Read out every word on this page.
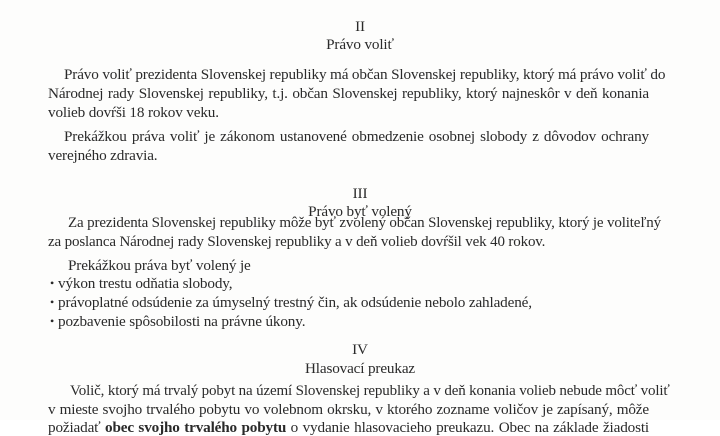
II
Právo voliť
Právo voliť prezidenta Slovenskej republiky má občan Slovenskej republiky, ktorý má právo voliť do
Národnej rady Slovenskej republiky, t.j. občan Slovenskej republiky, ktorý najneskôr v deň konania
volieb dovŕši 18 rokov veku.
Prekážkou práva voliť je zákonom ustanovené obmedzenie osobnej slobody z dôvodov ochrany
verejného zdravia.
III
Právo byť volený
Za prezidenta Slovenskej republiky môže byť zvolený občan Slovenskej republiky, ktorý je voliteľný
za poslanca Národnej rady Slovenskej republiky a v deň volieb dovŕšil vek 40 rokov.
Prekážkou práva byť volený je
• výkon trestu odňatia slobody,
• právoplatné odsúdenie za úmyselný trestný čin, ak odsúdenie nebolo zahladené,
• pozbavenie spôsobilosti na právne úkony.
IV
Hlasovací preukaz
Volič, ktorý má trvalý pobyt na území Slovenskej republiky a v deň konania volieb nebude môcť voliť
v mieste svojho trvalého pobytu vo volebnom okrsku, v ktorého zozname voličov je zapísaný, môže
požiadať obec svojho trvalého pobytu o vydanie hlasovacieho preukazu. Obec na základe žiadosti
